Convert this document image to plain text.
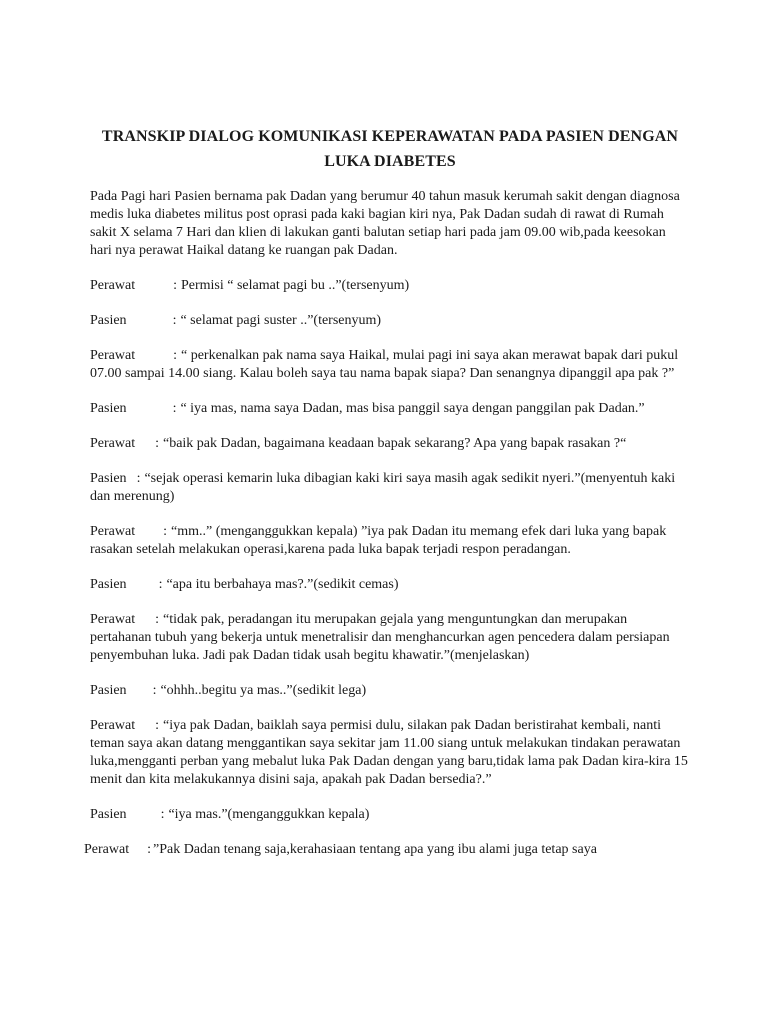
TRANSKIP DIALOG KOMUNIKASI KEPERAWATAN PADA PASIEN DENGAN LUKA DIABETES
Pada Pagi hari Pasien bernama pak Dadan yang berumur 40 tahun masuk kerumah sakit dengan diagnosa medis luka diabetes militus post oprasi pada kaki bagian kiri nya, Pak Dadan sudah di rawat di Rumah sakit X selama 7 Hari dan klien di lakukan ganti balutan setiap hari pada jam 09.00 wib,pada keesokan hari nya perawat Haikal datang ke ruangan pak Dadan.
Perawat	: Permisi “ selamat pagi bu ..”(tersenyum)
Pasien	: “ selamat pagi suster ..”(tersenyum)
Perawat	: “ perkenalkan pak nama saya Haikal, mulai pagi ini saya akan merawat bapak dari pukul 07.00 sampai 14.00 siang. Kalau boleh saya tau nama bapak siapa? Dan senangnya dipanggil apa pak ?”
Pasien	: “ iya mas, nama saya Dadan, mas bisa panggil saya dengan panggilan pak Dadan.”
Perawat : “baik pak Dadan, bagaimana keadaan bapak sekarang? Apa yang bapak rasakan ?“
Pasien : “sejak operasi kemarin luka dibagian kaki kiri saya masih agak sedikit nyeri.”(menyentuh kaki dan merenung)
Perawat : “mm..” (menganggukkan kepala) ”iya pak Dadan itu memang efek dari luka yang bapak rasakan setelah melakukan operasi,karena pada luka bapak terjadi respon peradangan.
Pasien : “apa itu berbahaya mas?.”(sedikit cemas)
Perawat : “tidak pak, peradangan itu merupakan gejala yang menguntungkan dan merupakan pertahanan tubuh yang bekerja untuk menetralisir dan menghancurkan agen pencedera dalam persiapan penyembuhan luka. Jadi pak Dadan tidak usah begitu khawatir.”(menjelaskan)
Pasien : “ohhh..begitu ya mas..”(sedikit lega)
Perawat : “iya pak Dadan, baiklah saya permisi dulu, silakan pak Dadan beristirahat kembali, nanti teman saya akan datang menggantikan saya sekitar jam 11.00 siang untuk melakukan tindakan perawatan luka,mengganti perban yang mebalut luka Pak Dadan dengan yang baru,tidak lama pak Dadan kira-kira 15 menit dan kita melakukannya disini saja, apakah pak Dadan bersedia?.”
Pasien : “iya mas.”(menganggukkan kepala)
Perawat : ”Pak Dadan tenang saja,kerahasiaan tentang apa yang ibu alami juga tetap saya
